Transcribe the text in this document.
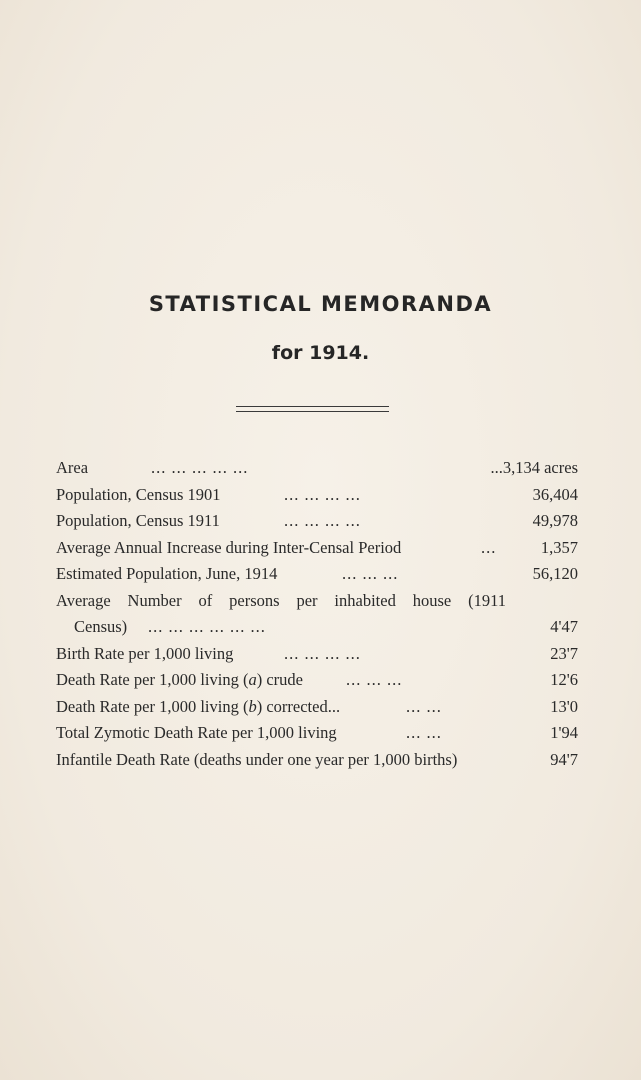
STATISTICAL MEMORANDA
for 1914.
Area	... ... ... ... ...	...3,134 acres
Population, Census 1901	... ... ... ...	36,404
Population, Census 1911	... ... ... ...	49,978
Average Annual Increase during Inter-Censal Period	...	1,357
Estimated Population, June, 1914	... ... ...	56,120
Average Number of persons per inhabited house (1911
Census) ... ... ... ... ... ...	4'47
Birth Rate per 1,000 living	... ... ... ...	23'7
Death Rate per 1,000 living (a) crude	... ... ...	12'6
Death Rate per 1,000 living (b) corrected...	... ...	13'0
Total Zymotic Death Rate per 1,000 living	... ...	1'94
Infantile Death Rate (deaths under one year per 1,000 births)	94'7
